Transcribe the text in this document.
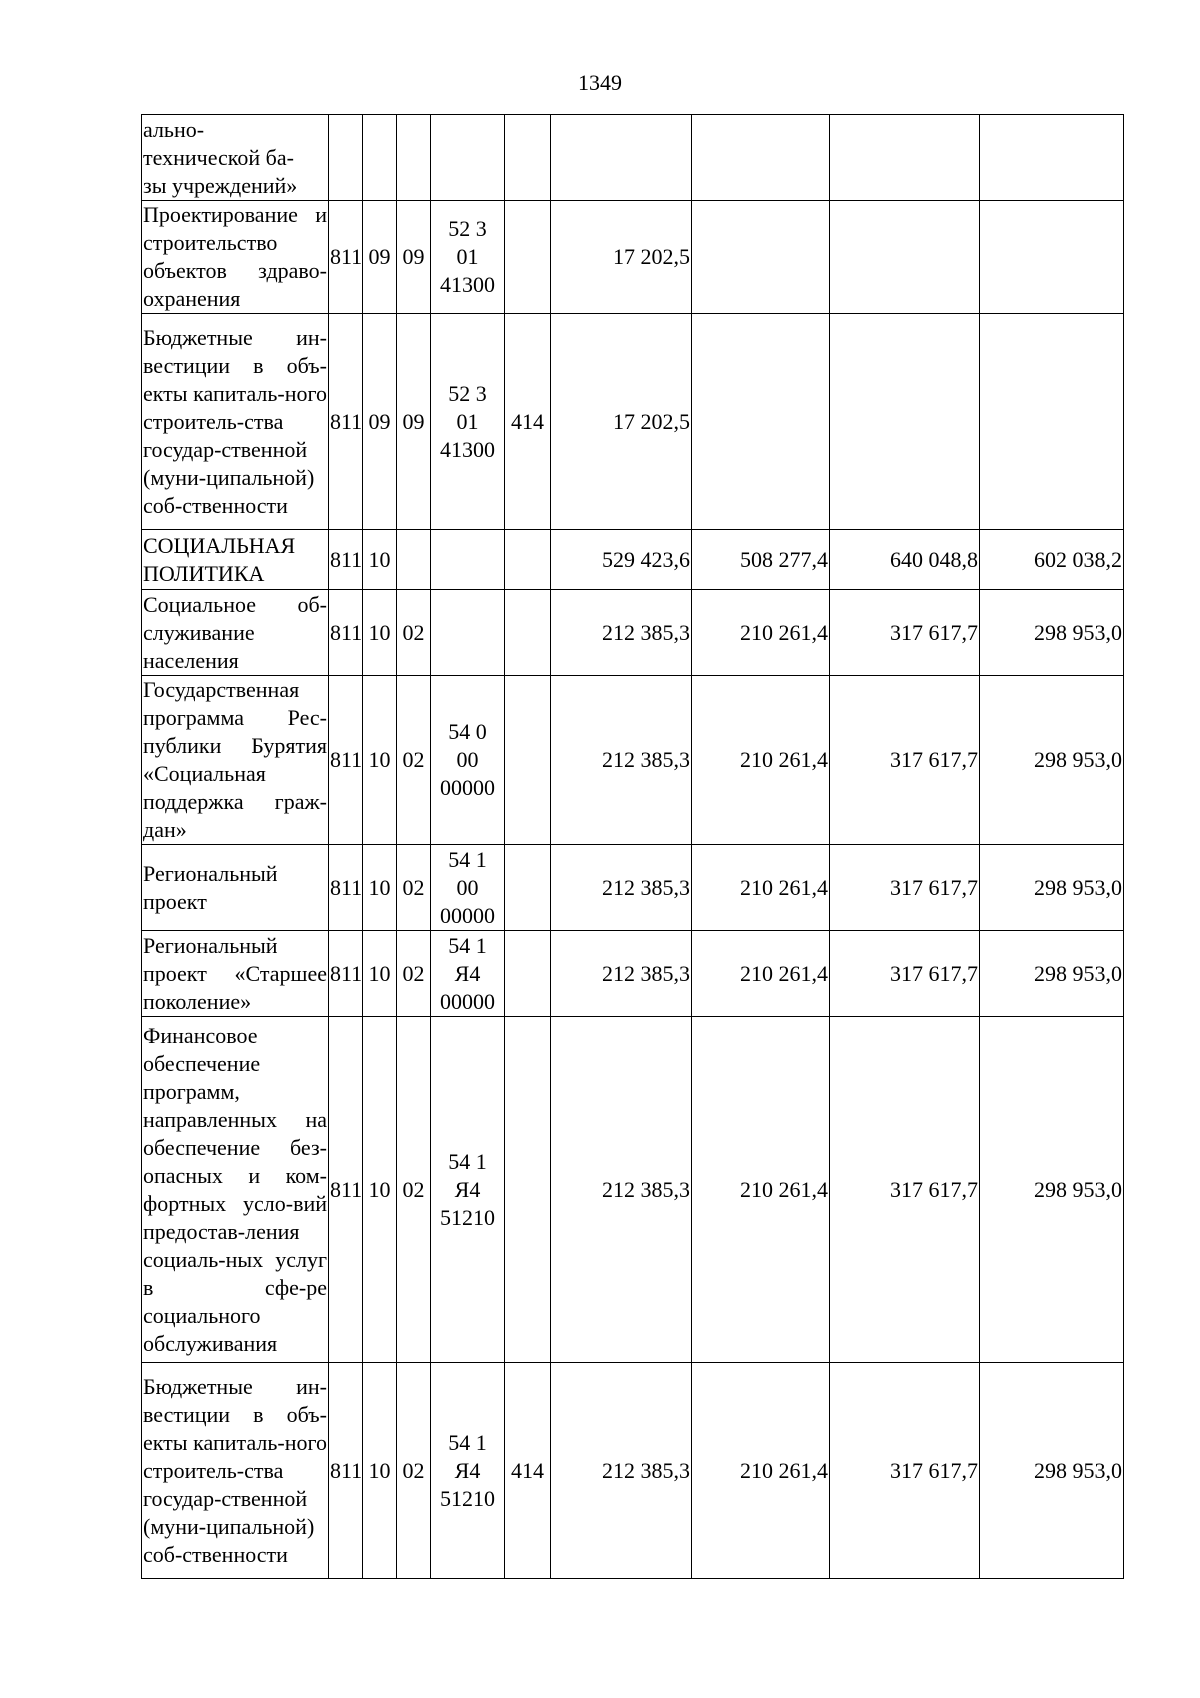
1349
ально-
технической ба-
зы учреждений»									
Проектирование и строительство объектов здраво-охранения	811	09	09	52 3
01
41300		17 202,5			
Бюджетные ин-вестиции в объ-екты капиталь-ного строитель-ства государ-ственной (муни-ципальной) соб-ственности	811	09	09	52 3
01
41300	414	17 202,5			
СОЦИАЛЬНАЯ ПОЛИТИКА	811	10				529 423,6	508 277,4	640 048,8	602 038,2
Социальное об-служивание населения	811	10	02			212 385,3	210 261,4	317 617,7	298 953,0
Государственная программа Рес-публики Бурятия «Социальная поддержка граж-дан»	811	10	02	54 0
00
00000		212 385,3	210 261,4	317 617,7	298 953,0
Региональный проект	811	10	02	54 1
00
00000		212 385,3	210 261,4	317 617,7	298 953,0
Региональный проект «Старшее поколение»	811	10	02	54 1
Я4
00000		212 385,3	210 261,4	317 617,7	298 953,0
Финансовое обеспечение программ, направленных на обеспечение без-опасных и ком-фортных усло-вий предостав-ления социаль-ных услуг в сфе-ре социального обслуживания	811	10	02	54 1
Я4
51210		212 385,3	210 261,4	317 617,7	298 953,0
Бюджетные ин-вестиции в объ-екты капиталь-ного строитель-ства государ-ственной (муни-ципальной) соб-ственности	811	10	02	54 1
Я4
51210	414	212 385,3	210 261,4	317 617,7	298 953,0
